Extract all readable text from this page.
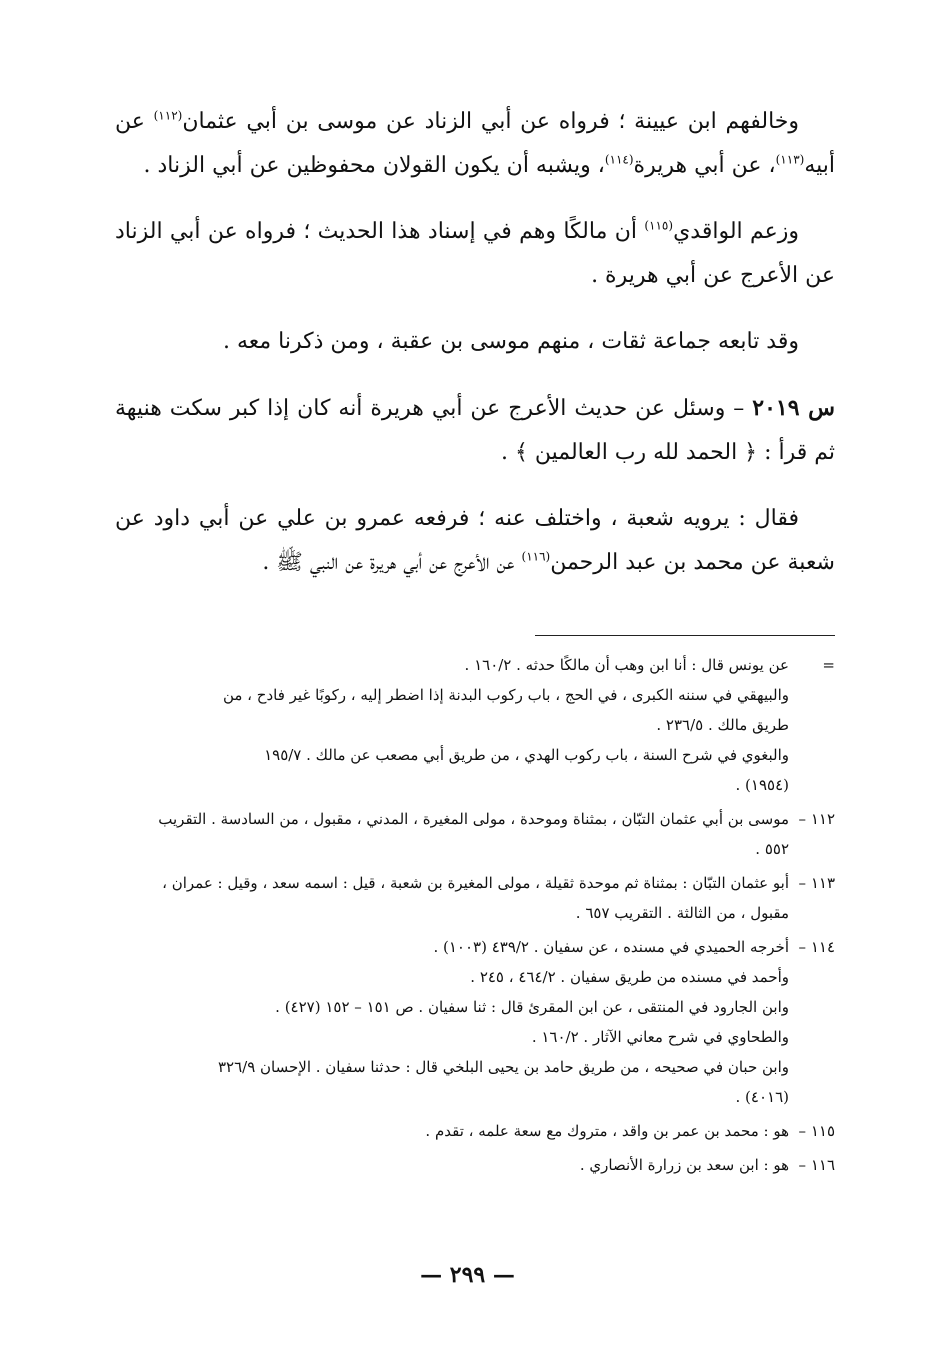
وخالفهم ابن عيينة ؛ فرواه عن أبي الزناد عن موسى بن أبي عثمان$^{(١١٢)}$ عن أبيه$^{(١١٣)}$، عن أبي هريرة$^{(١١٤)}$، ويشبه أن يكون القولان محفوظين عن أبي الزناد .

وزعم الواقدي$^{(١١٥)}$ أن مالكًا وهم في إسناد هذا الحديث ؛ فرواه عن أبي الزناد عن الأعرج عن أبي هريرة .

وقد تابعه جماعة ثقات ، منهم موسى بن عقبة ، ومن ذكرنا معه .

س ٢٠١٩ – وسئل عن حديث الأعرج عن أبي هريرة أنه كان إذا كبر سكت هنيهة ثم قرأ : ﴿ الحمد لله رب العالمين ﴾ .

فقال : يرويه شعبة ، واختلف عنه ؛ فرفعه عمرو بن علي عن أبي داود عن شعبة عن محمد بن عبد الرحمن$^{(١١٦)}$ عن الأعرج عن أبي هريرة عن النبي ﷺ .

=
عن يونس قال : أنا ابن وهب أن مالكًا حدثه . ١٦٠/٢ .
والبيهقي في سننه الكبرى ، في الحج ، باب ركوب البدنة إذا اضطر إليه ، ركوبًا غير فادح ، من
طريق مالك . ٢٣٦/٥ .
والبغوي في شرح السنة ، باب ركوب الهدي ، من طريق أبي مصعب عن مالك . ١٩٥/٧
(١٩٥٤) .
١١٢ –
موسى بن أبي عثمان التبّان ، بمثناة وموحدة ، مولى المغيرة ، المدني ، مقبول ، من السادسة . التقريب
٥٥٢ .
١١٣ –
أبو عثمان التبّان : بمثناة ثم موحدة ثقيلة ، مولى المغيرة بن شعبة ، قيل : اسمه سعد ، وقيل : عمران ،
مقبول ، من الثالثة . التقريب ٦٥٧ .
١١٤ –
أخرجه الحميدي في مسنده ، عن سفيان . ٤٣٩/٢ (١٠٠٣) .
وأحمد في مسنده من طريق سفيان . ٤٦٤/٢ ، ٢٤٥ .
وابن الجارود في المنتقى ، عن ابن المقرئ قال : ثنا سفيان . ص ١٥١ – ١٥٢ (٤٢٧) .
والطحاوي في شرح معاني الآثار . ١٦٠/٢ .
وابن حبان في صحيحه ، من طريق حامد بن يحيى البلخي قال : حدثنا سفيان . الإحسان ٣٢٦/٩
(٤٠١٦) .
١١٥ –
هو : محمد بن عمر بن واقد ، متروك مع سعة علمه ، تقدم .
١١٦ –
هو : ابن سعد بن زرارة الأنصاري .
— ٢٩٩ —
